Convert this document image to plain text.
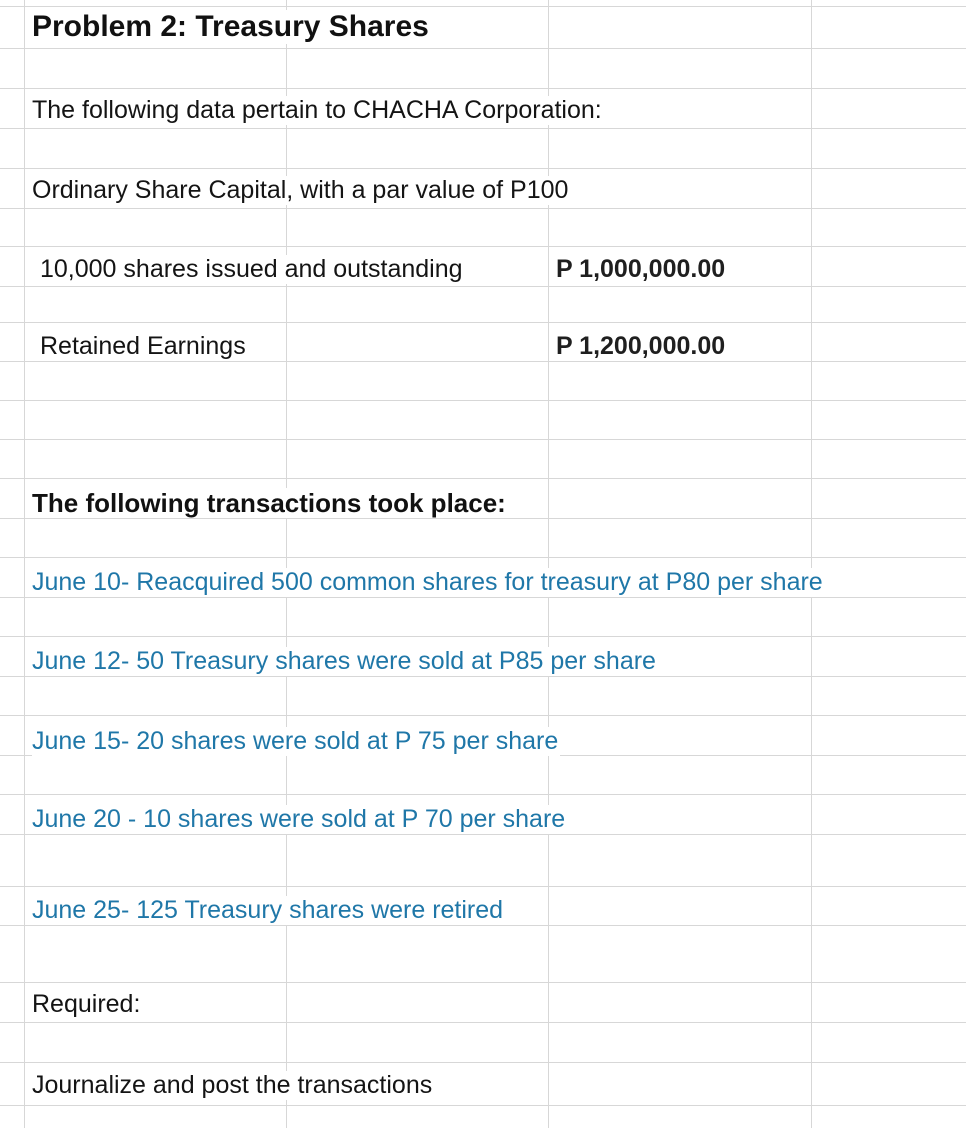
Problem 2: Treasury Shares
The following data pertain to CHACHA Corporation:
Ordinary Share Capital, with a par value of P100
10,000 shares issued and outstanding	P 1,000,000.00
Retained Earnings	P 1,200,000.00
The following transactions took place:
June 10- Reacquired 500 common shares for treasury at P80 per share
June 12- 50 Treasury shares were sold at P85 per share
June 15- 20 shares were sold at P 75 per share
June 20 - 10 shares were sold at P 70 per share
June 25- 125 Treasury shares were retired
Required:
Journalize and post the transactions
